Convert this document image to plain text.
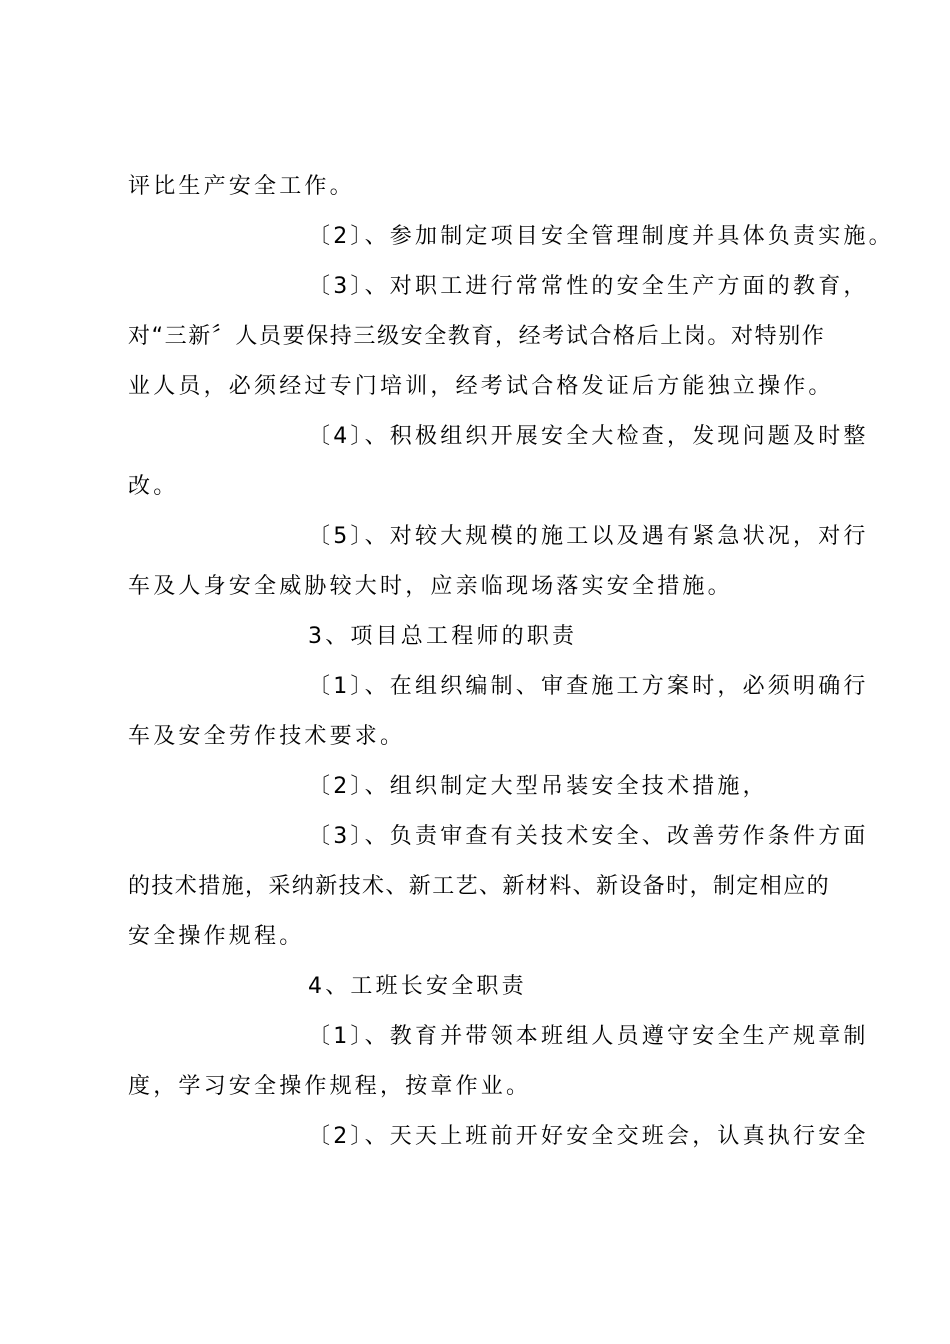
评比生产安全工作。
〔2〕、参加制定项目安全管理制度并具体负责实施。
〔3〕、对职工进行常常性的安全生产方面的教育，
对“三新〞人员要保持三级安全教育，经考试合格后上岗。对特别作
业人员，必须经过专门培训，经考试合格发证后方能独立操作。
〔4〕、积极组织开展安全大检查，发现问题及时整
改。
〔5〕、对较大规模的施工以及遇有紧急状况，对行
车及人身安全威胁较大时，应亲临现场落实安全措施。
3、项目总工程师的职责
〔1〕、在组织编制、审查施工方案时，必须明确行
车及安全劳作技术要求。
〔2〕、组织制定大型吊装安全技术措施，
〔3〕、负责审查有关技术安全、改善劳作条件方面
的技术措施，采纳新技术、新工艺、新材料、新设备时，制定相应的
安全操作规程。
4、工班长安全职责
〔1〕、教育并带领本班组人员遵守安全生产规章制
度，学习安全操作规程，按章作业。
〔2〕、天天上班前开好安全交班会，认真执行安全
